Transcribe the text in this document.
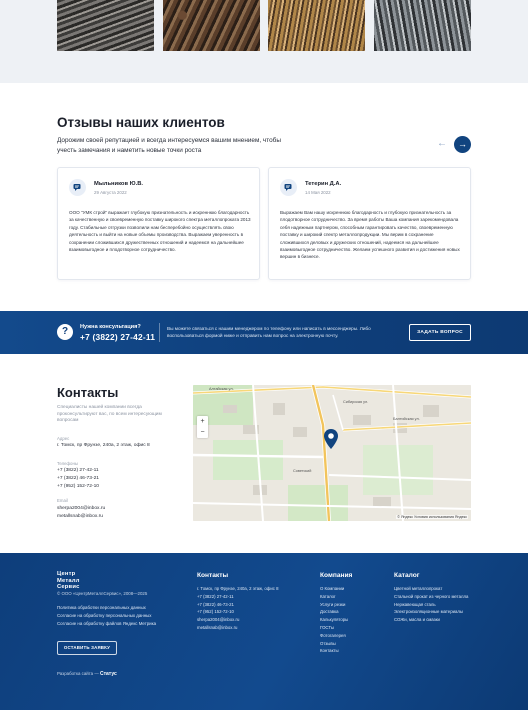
Отзывы наших клиентов
Дорожим своей репутацией и всегда интересуемся вашим мнением, чтобы учесть замечания и наметить новые точки роста
←	→
Мыльников Ю.В.
29 Августа 2022
ООО "УМК строй" выражает глубокую признательность и искреннюю благодарность за качественную и своевременную поставку широкого спектра металлопроката 2013 году. Стабильные отгрузки позволили нам бесперебойно осуществлять свою деятельность и выйти на новые объемы производства. Выражаем уверенность в сохранении сложившихся дружественных отношений и надеемся на дальнейшее взаимовыгодное и плодотворное сотрудничество.
Тетерин Д.А.
14 Мая 2022
Выражаем Вам нашу искреннюю благодарность и глубокую признательность за плодотворное сотрудничество. За время работы Ваша компания зарекомендовала себя надежным партнером, способным гарантировать качество, своевременную поставку и широкий спектр металлопродукции. Мы верим в сохранение сложившихся деловых и дружеских отношений, надеемся на дальнейшее взаимовыгодное сотрудничество. Желаем успешного развития и достижения новых вершин в бизнесе.
?	Нужна консультация?
+7 (3822) 27-42-11
Вы можете связаться с нашим менеджером по телефону или написать в мессенджеры. Либо воспользоваться формой ниже и отправить нам вопрос на электронную почту.
ЗАДАТЬ ВОПРОС
Контакты
Специалисты нашей компании всегда проконсультируют вас, по всем интересующим вопросам
Адрес
г. Томск, пр Фрунзе, 240а, 2 этаж, офис 8
Телефоны
+7 (3822) 27-42-11
+7 (3822) 46-73-21
+7 (952) 152-72-10
Email
sherpa2004@inbox.ru
metallsnab@inbox.ru
Алтайская ул.
Сибирская ул.
Балтийская ул.
Советский
+
−
© Яндекс Условия использования Яндекс
Центр
Металл
Сервис
© ООО «ЦентрМеталлСервис», 2008—2025
Политика обработки персональных данных
Согласие на обработку персональных данных
Согласие на обработку файлов Яндекс Метрика
ОСТАВИТЬ ЗАЯВКУ
Разработка сайта — Статус
Контакты
г. Томск, пр Фрунзе, 240а, 2 этаж, офис 8
+7 (3822) 27-42-11
+7 (3822) 46-73-21
+7 (952) 152-72-10
sherpa2004@inbox.ru
metallsnab@inbox.ru
Компания
О Компании
Каталог
Услуги резки
Доставка
Калькуляторы
ГОСТы
Фотогалерея
Отзывы
Контакты
Каталог
Цветной металлопрокат
Стальной прокат из черного металла
Нержавеющая сталь
Электроизоляционные материалы
СОЖи, масла и смазки
